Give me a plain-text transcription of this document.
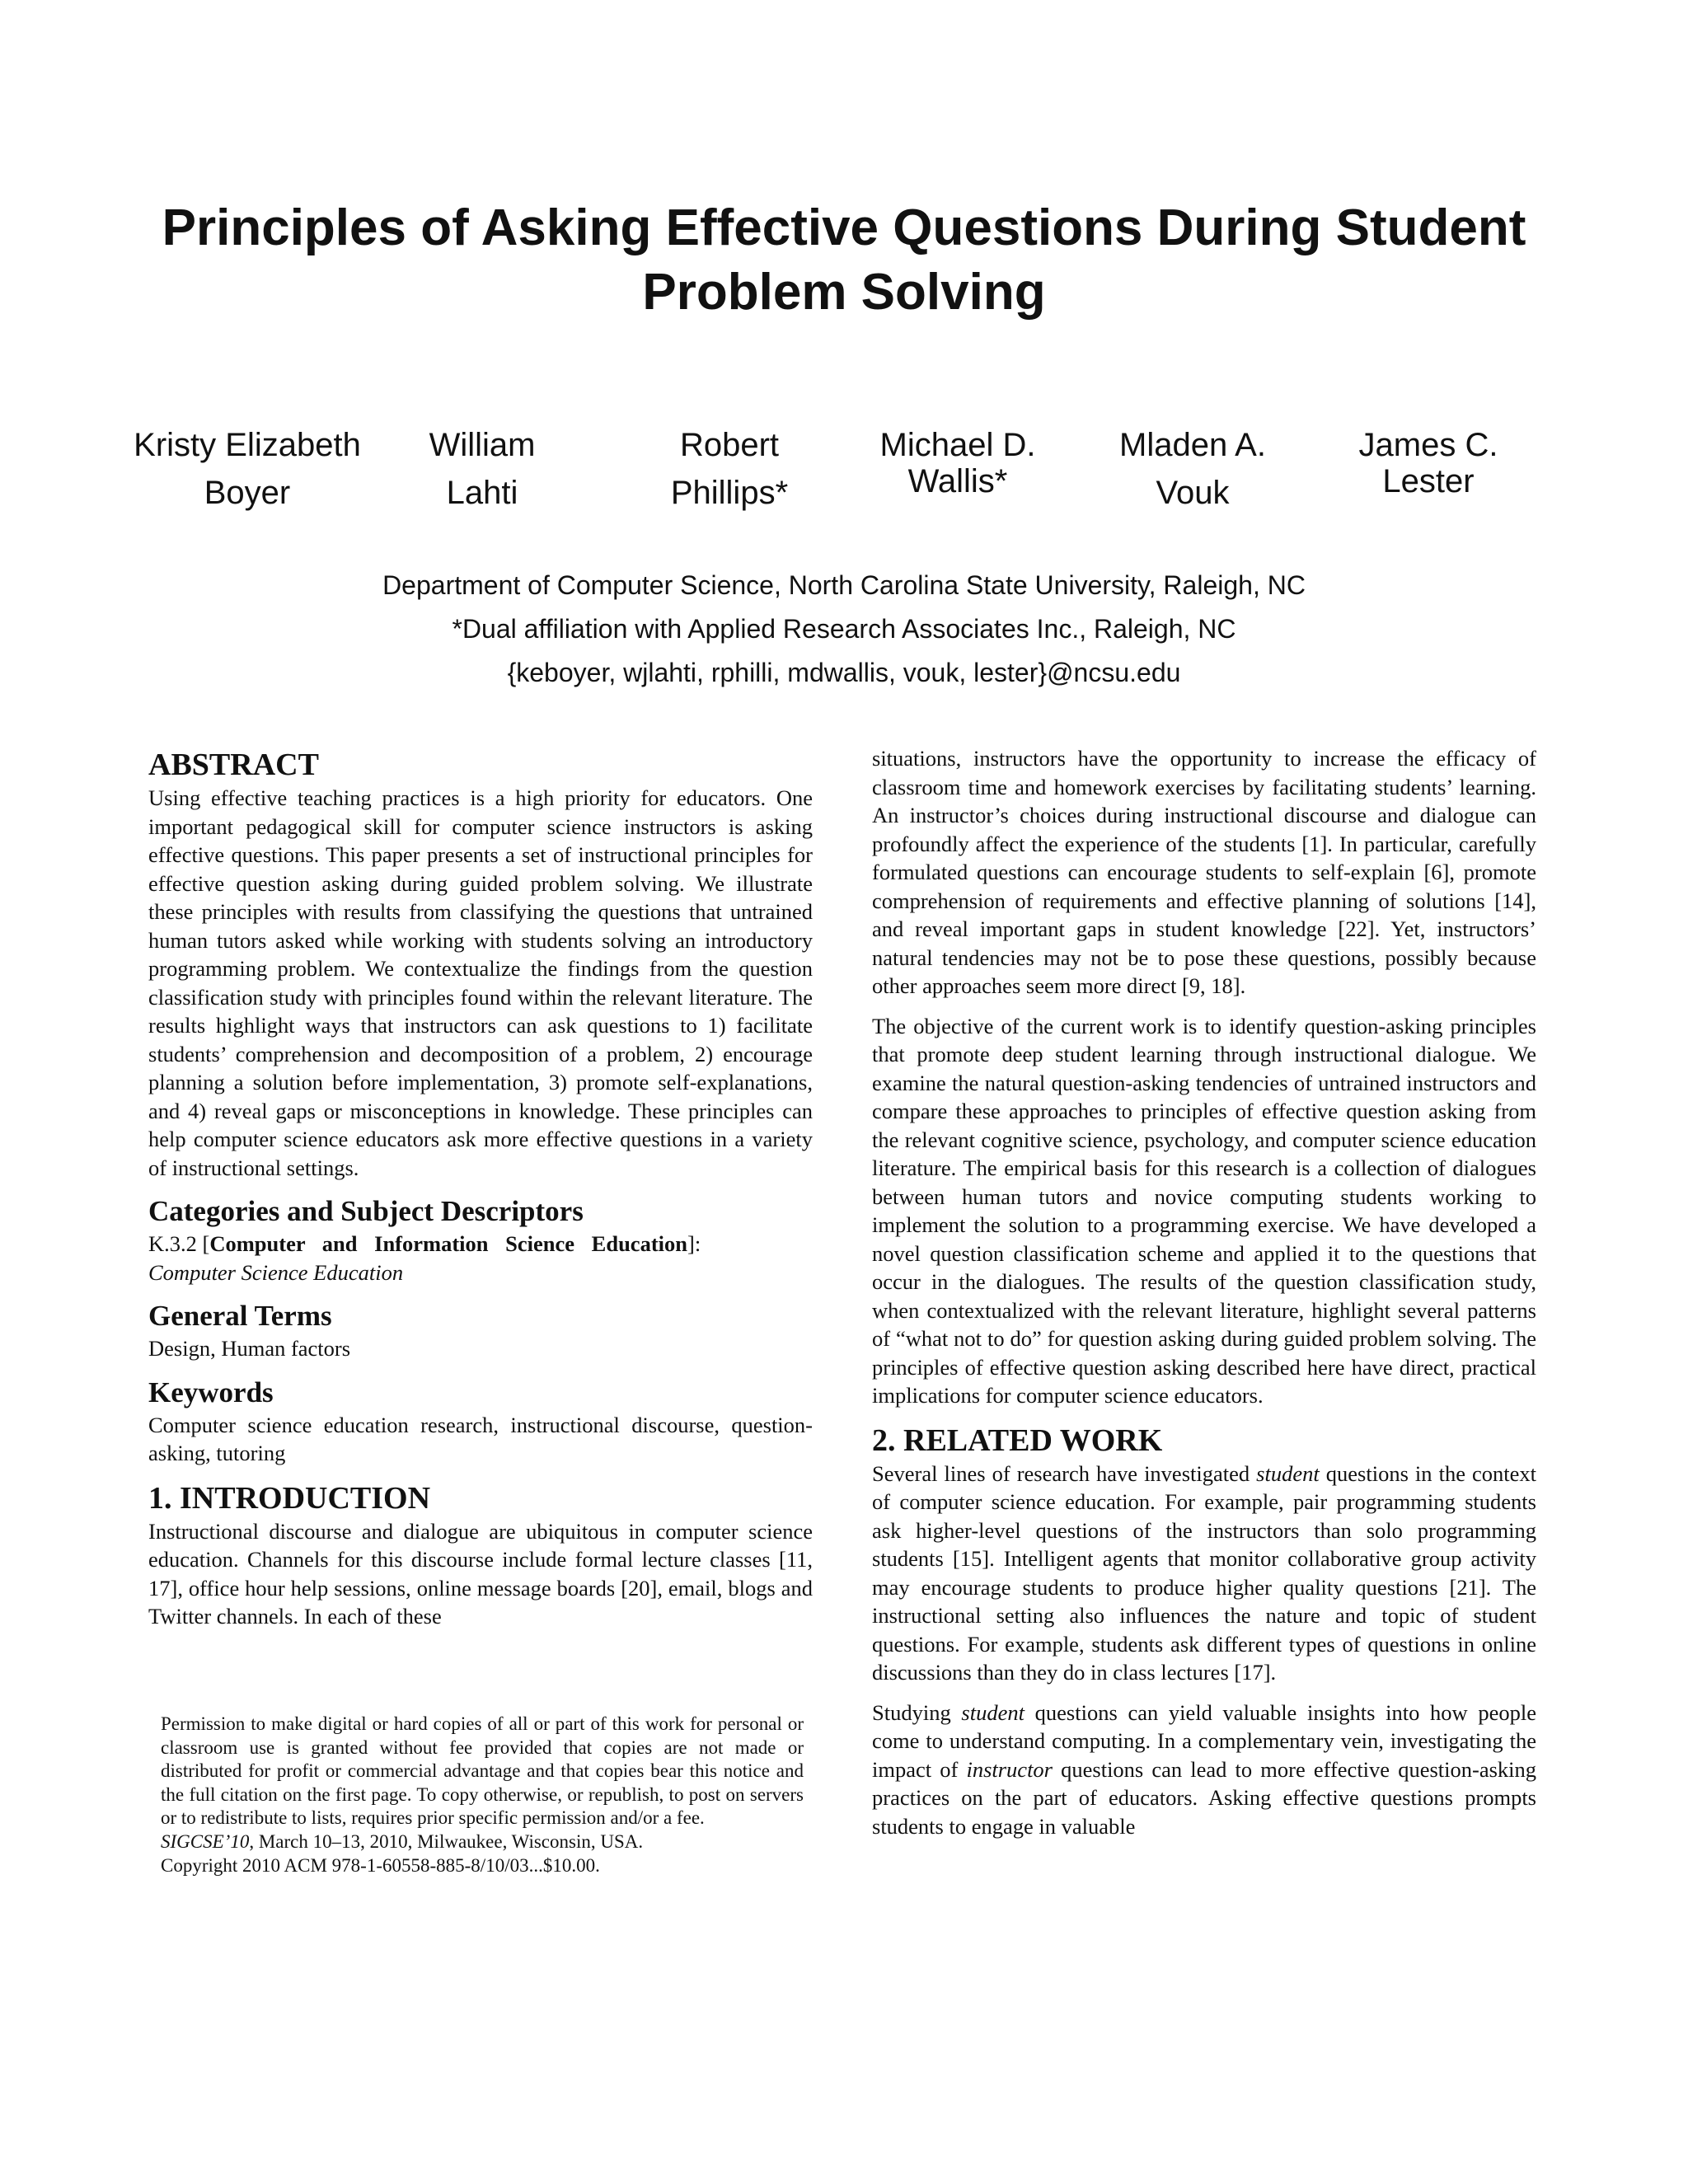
Principles of Asking Effective Questions During Student Problem Solving
Kristy Elizabeth
Boyer
William
Lahti
Robert
Phillips*
Michael D.
Wallis*
Mladen A.
Vouk
James C.
Lester
Department of Computer Science, North Carolina State University, Raleigh, NC
*Dual affiliation with Applied Research Associates Inc., Raleigh, NC
{keboyer, wjlahti, rphilli, mdwallis, vouk, lester}@ncsu.edu
ABSTRACT

Using effective teaching practices is a high priority for educators. One important pedagogical skill for computer science instructors is asking effective questions. This paper presents a set of instructional principles for effective question asking during guided problem solving. We illustrate these principles with results from classifying the questions that untrained human tutors asked while working with students solving an introductory programming problem. We contextualize the findings from the question classification study with principles found within the relevant literature. The results highlight ways that instructors can ask questions to 1) facilitate students’ comprehension and decomposition of a problem, 2) encourage planning a solution before implementation, 3) promote self-explanations, and 4) reveal gaps or misconceptions in knowledge. These principles can help computer science educators ask more effective questions in a variety of instructional settings.

Categories and Subject Descriptors

K.3.2 [Computer and Information Science Education]:
Computer Science Education

General Terms

Design, Human factors

Keywords

Computer science education research, instructional discourse, question-asking, tutoring

1. INTRODUCTION

Instructional discourse and dialogue are ubiquitous in computer science education. Channels for this discourse include formal lecture classes [11, 17], office hour help sessions, online message boards [20], email, blogs and Twitter channels. In each of these

Permission to make digital or hard copies of all or part of this work for personal or classroom use is granted without fee provided that copies are not made or distributed for profit or commercial advantage and that copies bear this notice and the full citation on the first page. To copy otherwise, or republish, to post on servers or to redistribute to lists, requires prior specific permission and/or a fee.

SIGCSE’10, March 10–13, 2010, Milwaukee, Wisconsin, USA.
Copyright 2010 ACM 978-1-60558-885-8/10/03...$10.00.

situations, instructors have the opportunity to increase the efficacy of classroom time and homework exercises by facilitating students’ learning. An instructor’s choices during instructional discourse and dialogue can profoundly affect the experience of the students [1]. In particular, carefully formulated questions can encourage students to self-explain [6], promote comprehension of requirements and effective planning of solutions [14], and reveal important gaps in student knowledge [22]. Yet, instructors’ natural tendencies may not be to pose these questions, possibly because other approaches seem more direct [9, 18].

The objective of the current work is to identify question-asking principles that promote deep student learning through instructional dialogue. We examine the natural question-asking tendencies of untrained instructors and compare these approaches to principles of effective question asking from the relevant cognitive science, psychology, and computer science education literature. The empirical basis for this research is a collection of dialogues between human tutors and novice computing students working to implement the solution to a programming exercise. We have developed a novel question classification scheme and applied it to the questions that occur in the dialogues. The results of the question classification study, when contextualized with the relevant literature, highlight several patterns of “what not to do” for question asking during guided problem solving. The principles of effective question asking described here have direct, practical implications for computer science educators.

2. RELATED WORK

Several lines of research have investigated student questions in the context of computer science education. For example, pair programming students ask higher-level questions of the instructors than solo programming students [15]. Intelligent agents that monitor collaborative group activity may encourage students to produce higher quality questions [21]. The instructional setting also influences the nature and topic of student questions. For example, students ask different types of questions in online discussions than they do in class lectures [17].

Studying student questions can yield valuable insights into how people come to understand computing. In a complementary vein, investigating the impact of instructor questions can lead to more effective question-asking practices on the part of educators. Asking effective questions prompts students to engage in valuable
